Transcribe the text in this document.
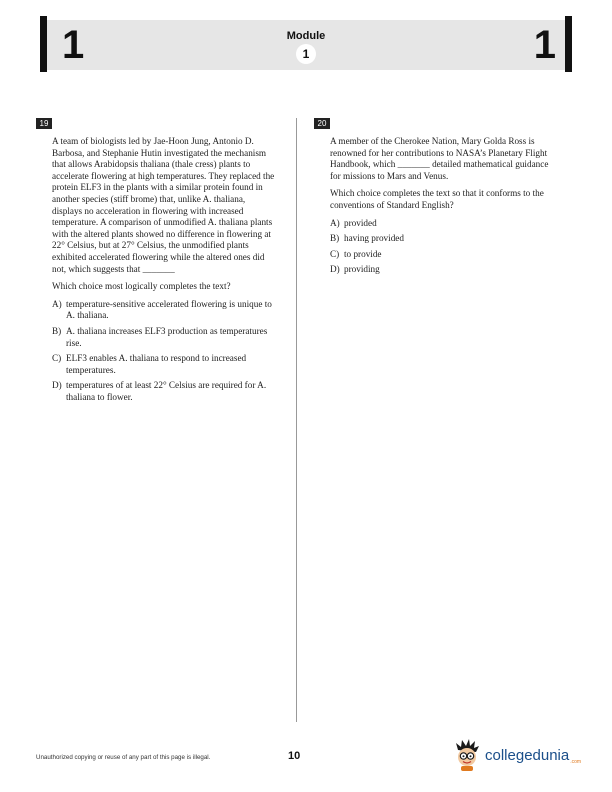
1	1
Module
1
19

A team of biologists led by Jae-Hoon Jung, Antonio D. Barbosa, and Stephanie Hutin investigated the mechanism that allows Arabidopsis thaliana (thale cress) plants to accelerate flowering at high temperatures. They replaced the protein ELF3 in the plants with a similar protein found in another species (stiff brome) that, unlike A. thaliana, displays no acceleration in flowering with increased temperature. A comparison of unmodified A. thaliana plants with the altered plants showed no difference in flowering at 22° Celsius, but at 27° Celsius, the unmodified plants exhibited accelerated flowering while the altered ones did not, which suggests that _______

Which choice most logically completes the text?

A) temperature-sensitive accelerated flowering is unique to A. thaliana.
B) A. thaliana increases ELF3 production as temperatures rise.
C) ELF3 enables A. thaliana to respond to increased temperatures.
D) temperatures of at least 22° Celsius are required for A. thaliana to flower.
20

A member of the Cherokee Nation, Mary Golda Ross is renowned for her contributions to NASA’s Planetary Flight Handbook, which _______ detailed mathematical guidance for missions to Mars and Venus.

Which choice completes the text so that it conforms to the conventions of Standard English?

A) provided
B) having provided
C) to provide
D) providing
Unauthorized copying or reuse of any part of this page is illegal.	10	collegedunia .com
